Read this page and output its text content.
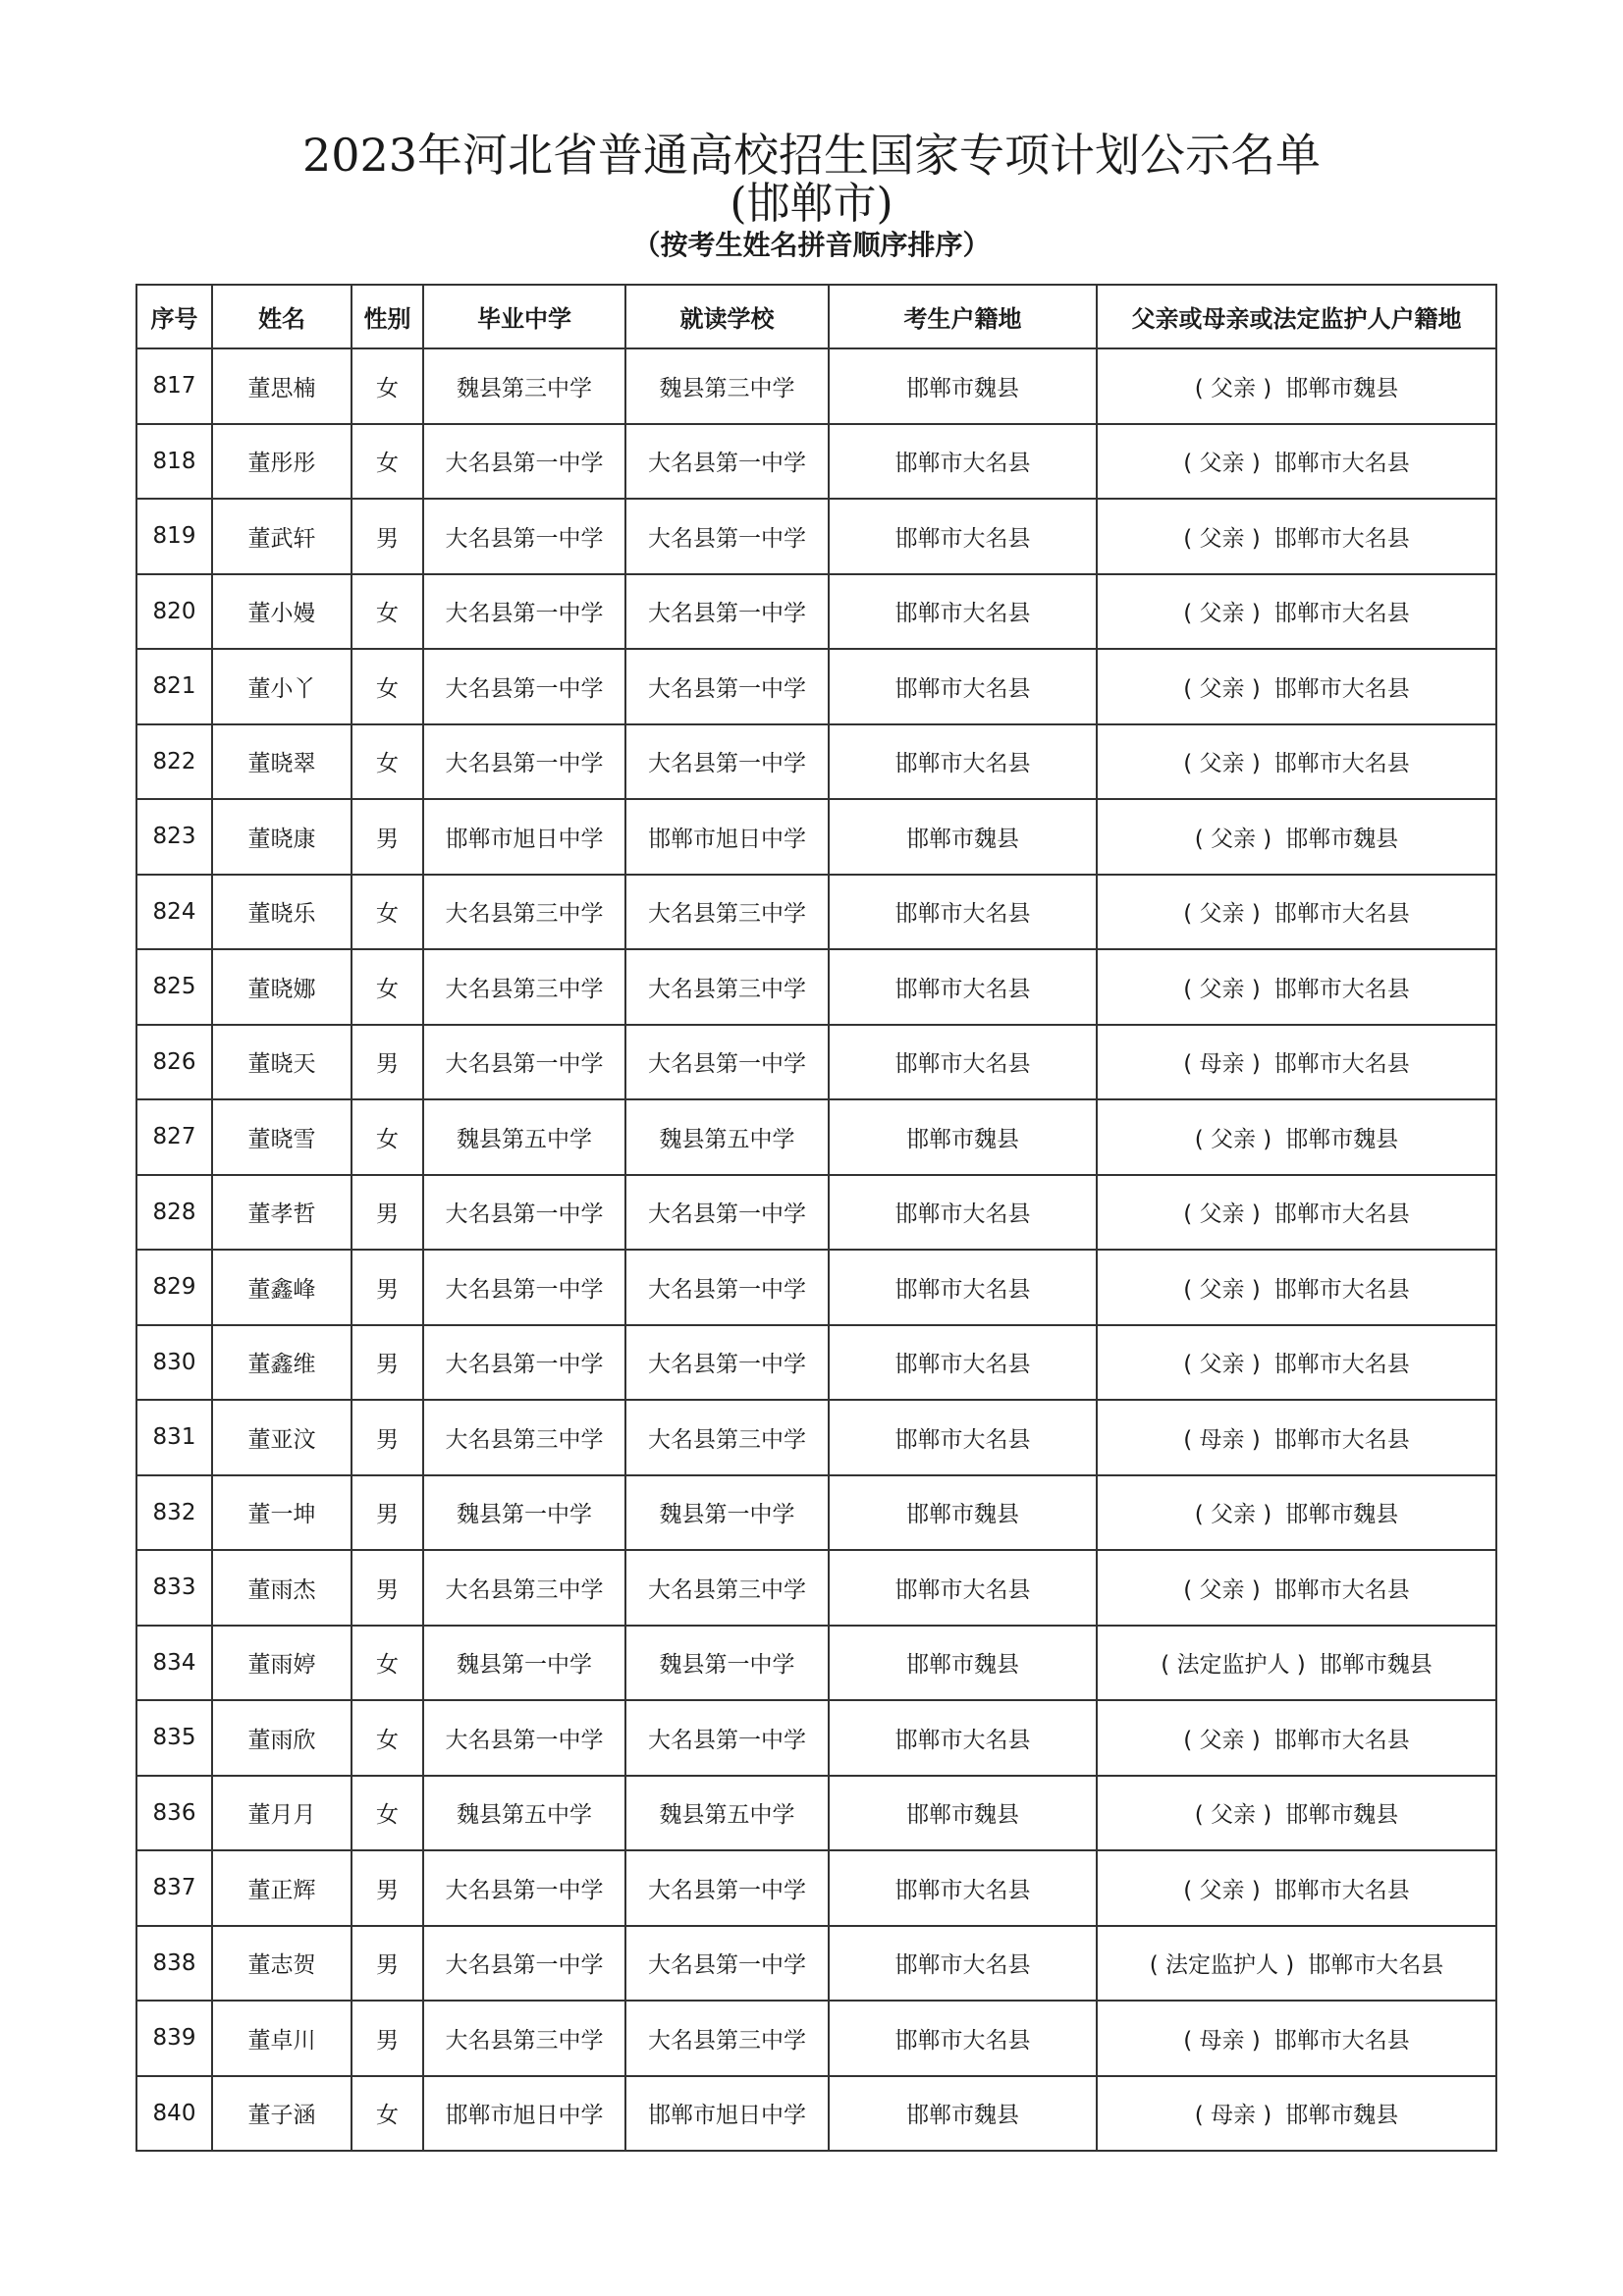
2023年河北省普通高校招生国家专项计划公示名单
(邯郸市)
（按考生姓名拼音顺序排序）
序号	姓名	性别	毕业中学	就读学校	考生户籍地	父亲或母亲或法定监护人户籍地
817	董思楠	女	魏县第三中学	魏县第三中学	邯郸市魏县	( 父亲 ) 邯郸市魏县
818	董彤彤	女	大名县第一中学	大名县第一中学	邯郸市大名县	( 父亲 ) 邯郸市大名县
819	董武轩	男	大名县第一中学	大名县第一中学	邯郸市大名县	( 父亲 ) 邯郸市大名县
820	董小嫚	女	大名县第一中学	大名县第一中学	邯郸市大名县	( 父亲 ) 邯郸市大名县
821	董小丫	女	大名县第一中学	大名县第一中学	邯郸市大名县	( 父亲 ) 邯郸市大名县
822	董晓翠	女	大名县第一中学	大名县第一中学	邯郸市大名县	( 父亲 ) 邯郸市大名县
823	董晓康	男	邯郸市旭日中学	邯郸市旭日中学	邯郸市魏县	( 父亲 ) 邯郸市魏县
824	董晓乐	女	大名县第三中学	大名县第三中学	邯郸市大名县	( 父亲 ) 邯郸市大名县
825	董晓娜	女	大名县第三中学	大名县第三中学	邯郸市大名县	( 父亲 ) 邯郸市大名县
826	董晓天	男	大名县第一中学	大名县第一中学	邯郸市大名县	( 母亲 ) 邯郸市大名县
827	董晓雪	女	魏县第五中学	魏县第五中学	邯郸市魏县	( 父亲 ) 邯郸市魏县
828	董孝哲	男	大名县第一中学	大名县第一中学	邯郸市大名县	( 父亲 ) 邯郸市大名县
829	董鑫峰	男	大名县第一中学	大名县第一中学	邯郸市大名县	( 父亲 ) 邯郸市大名县
830	董鑫维	男	大名县第一中学	大名县第一中学	邯郸市大名县	( 父亲 ) 邯郸市大名县
831	董亚汶	男	大名县第三中学	大名县第三中学	邯郸市大名县	( 母亲 ) 邯郸市大名县
832	董一坤	男	魏县第一中学	魏县第一中学	邯郸市魏县	( 父亲 ) 邯郸市魏县
833	董雨杰	男	大名县第三中学	大名县第三中学	邯郸市大名县	( 父亲 ) 邯郸市大名县
834	董雨婷	女	魏县第一中学	魏县第一中学	邯郸市魏县	( 法定监护人 ) 邯郸市魏县
835	董雨欣	女	大名县第一中学	大名县第一中学	邯郸市大名县	( 父亲 ) 邯郸市大名县
836	董月月	女	魏县第五中学	魏县第五中学	邯郸市魏县	( 父亲 ) 邯郸市魏县
837	董正辉	男	大名县第一中学	大名县第一中学	邯郸市大名县	( 父亲 ) 邯郸市大名县
838	董志贺	男	大名县第一中学	大名县第一中学	邯郸市大名县	( 法定监护人 ) 邯郸市大名县
839	董卓川	男	大名县第三中学	大名县第三中学	邯郸市大名县	( 母亲 ) 邯郸市大名县
840	董子涵	女	邯郸市旭日中学	邯郸市旭日中学	邯郸市魏县	( 母亲 ) 邯郸市魏县
